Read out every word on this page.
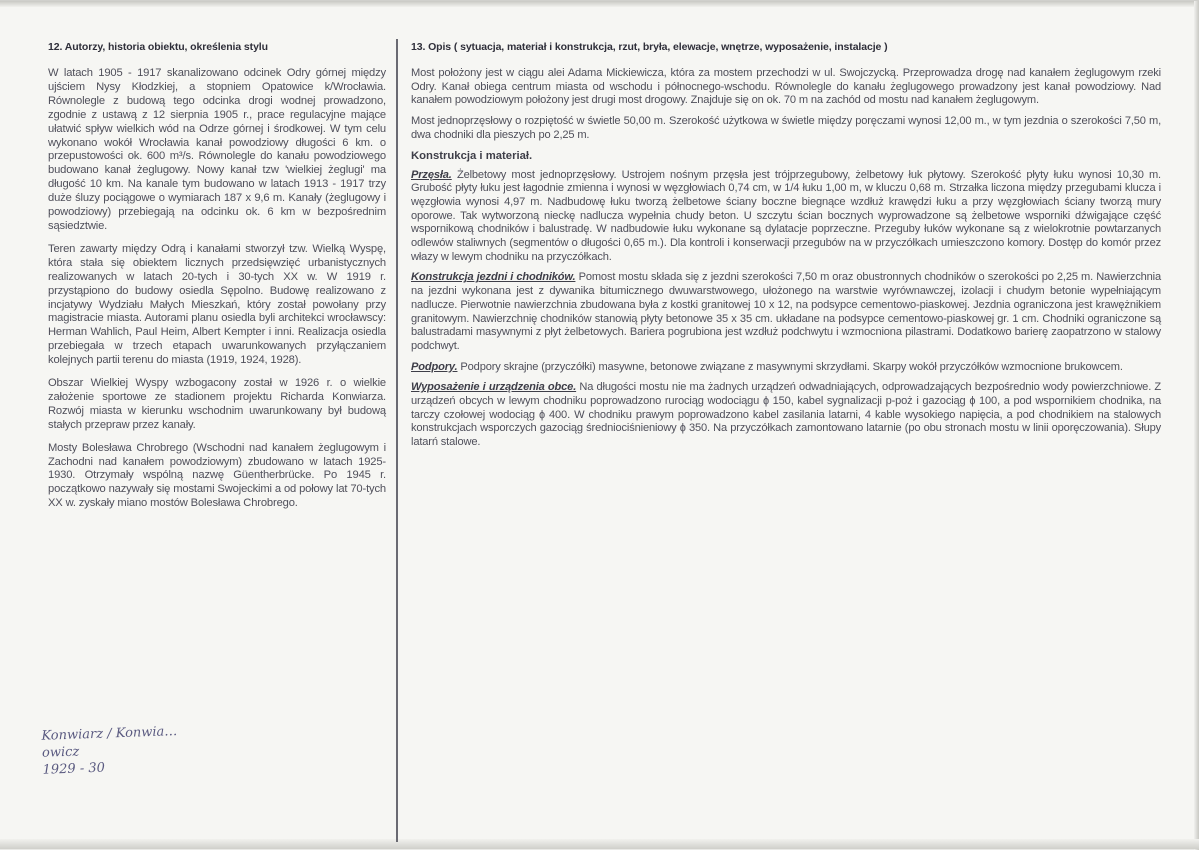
12. Autorzy, historia obiektu, określenia stylu

W latach 1905 - 1917 skanalizowano odcinek Odry górnej między ujściem Nysy Kłodzkiej, a stopniem Opatowice k/Wrocławia. Równolegle z budową tego odcinka drogi wodnej prowadzono, zgodnie z ustawą z 12 sierpnia 1905 r., prace regulacyjne mające ułatwić spływ wielkich wód na Odrze górnej i środkowej. W tym celu wykonano wokół Wrocławia kanał powodziowy długości 6 km. o przepustowości ok. 600 m³/s. Równolegle do kanału powodziowego budowano kanał żeglugowy. Nowy kanał tzw 'wielkiej żeglugi' ma długość 10 km. Na kanale tym budowano w latach 1913 - 1917 trzy duże śluzy pociągowe o wymiarach 187 x 9,6 m. Kanały (żeglugowy i powodziowy) przebiegają na odcinku ok. 6 km w bezpośrednim sąsiedztwie.

Teren zawarty między Odrą i kanałami stworzył tzw. Wielką Wyspę, która stała się obiektem licznych przedsięwzięć urbanistycznych realizowanych w latach 20-tych i 30-tych XX w. W 1919 r. przystąpiono do budowy osiedla Sępolno. Budowę realizowano z incjatywy Wydziału Małych Mieszkań, który został powołany przy magistracie miasta. Autorami planu osiedla byli architekci wrocławscy: Herman Wahlich, Paul Heim, Albert Kempter i inni. Realizacja osiedla przebiegała w trzech etapach uwarunkowanych przyłączaniem kolejnych partii terenu do miasta (1919, 1924, 1928).

Obszar Wielkiej Wyspy wzbogacony został w 1926 r. o wielkie założenie sportowe ze stadionem projektu Richarda Konwiarza. Rozwój miasta w kierunku wschodnim uwarunkowany był budową stałych przepraw przez kanały.

Mosty Bolesława Chrobrego (Wschodni nad kanałem żeglugowym i Zachodni nad kanałem powodziowym) zbudowano w latach 1925-1930. Otrzymały wspólną nazwę Güentherbrücke. Po 1945 r. początkowo nazywały się mostami Swojeckimi a od połowy lat 70-tych XX w. zyskały miano mostów Bolesława Chrobrego.

Konwiarz / Konwia…owicz
1929 - 30
13. Opis ( sytuacja, materiał i konstrukcja, rzut, bryła, elewacje, wnętrze, wyposażenie, instalacje )

Most położony jest w ciągu alei Adama Mickiewicza, która za mostem przechodzi w ul. Swojczycką. Przeprowadza drogę nad kanałem żeglugowym rzeki Odry. Kanał obiega centrum miasta od wschodu i północnego-wschodu. Równolegle do kanału żeglugowego prowadzony jest kanał powodziowy. Nad kanałem powodziowym położony jest drugi most drogowy. Znajduje się on ok. 70 m na zachód od mostu nad kanałem żeglugowym.

Most jednoprzęsłowy o rozpiętość w świetle 50,00 m. Szerokość użytkowa w świetle między poręczami wynosi 12,00 m., w tym jezdnia o szerokości 7,50 m, dwa chodniki dla pieszych po 2,25 m.

Konstrukcja i materiał.

Przęsła. Żelbetowy most jednoprzęsłowy. Ustrojem nośnym przęsła jest trójprzegubowy, żelbetowy łuk płytowy. Szerokość płyty łuku wynosi 10,30 m. Grubość płyty łuku jest łagodnie zmienna i wynosi w węzgłowiach 0,74 cm, w 1/4 łuku 1,00 m, w kluczu 0,68 m. Strzałka liczona między przegubami klucza i węzgłowia wynosi 4,97 m. Nadbudowę łuku tworzą żelbetowe ściany boczne biegnące wzdłuż krawędzi łuku a przy węzgłowiach ściany tworzą mury oporowe. Tak wytworzoną nieckę nadlucza wypełnia chudy beton. U szczytu ścian bocznych wyprowadzone są żelbetowe wsporniki dźwigające część wspornikową chodników i balustradę. W nadbudowie łuku wykonane są dylatacje poprzeczne. Przeguby łuków wykonane są z wielokrotnie powtarzanych odlewów staliwnych (segmentów o długości 0,65 m.). Dla kontroli i konserwacji przegubów na w przyczółkach umieszczono komory. Dostęp do komór przez włazy w lewym chodniku na przyczółkach.

Konstrukcja jezdni i chodników. Pomost mostu składa się z jezdni szerokości 7,50 m oraz obustronnych chodników o szerokości po 2,25 m. Nawierzchnia na jezdni wykonana jest z dywanika bitumicznego dwuwarstwowego, ułożonego na warstwie wyrównawczej, izolacji i chudym betonie wypełniającym nadlucze. Pierwotnie nawierzchnia zbudowana była z kostki granitowej 10 x 12, na podsypce cementowo-piaskowej. Jezdnia ograniczona jest krawężnikiem granitowym. Nawierzchnię chodników stanowią płyty betonowe 35 x 35 cm. układane na podsypce cementowo-piaskowej gr. 1 cm. Chodniki ograniczone są balustradami masywnymi z płyt żelbetowych. Bariera pogrubiona jest wzdłuż podchwytu i wzmocniona pilastrami. Dodatkowo barierę zaopatrzono w stalowy podchwyt.

Podpory. Podpory skrajne (przyczółki) masywne, betonowe związane z masywnymi skrzydłami. Skarpy wokół przyczółków wzmocnione brukowcem.

Wyposażenie i urządzenia obce. Na długości mostu nie ma żadnych urządzeń odwadniających, odprowadzających bezpośrednio wody powierzchniowe. Z urządzeń obcych w lewym chodniku poprowadzono rurociąg wodociągu ɸ 150, kabel sygnalizacji p-poż i gazociąg ɸ 100, a pod wspornikiem chodnika, na tarczy czołowej wodociąg ɸ 400. W chodniku prawym poprowadzono kabel zasilania latarni, 4 kable wysokiego napięcia, a pod chodnikiem na stalowych konstrukcjach wsporczych gazociąg średniociśnieniowy ɸ 350. Na przyczółkach zamontowano latarnie (po obu stronach mostu w linii oporęczowania). Słupy latarń stalowe.
